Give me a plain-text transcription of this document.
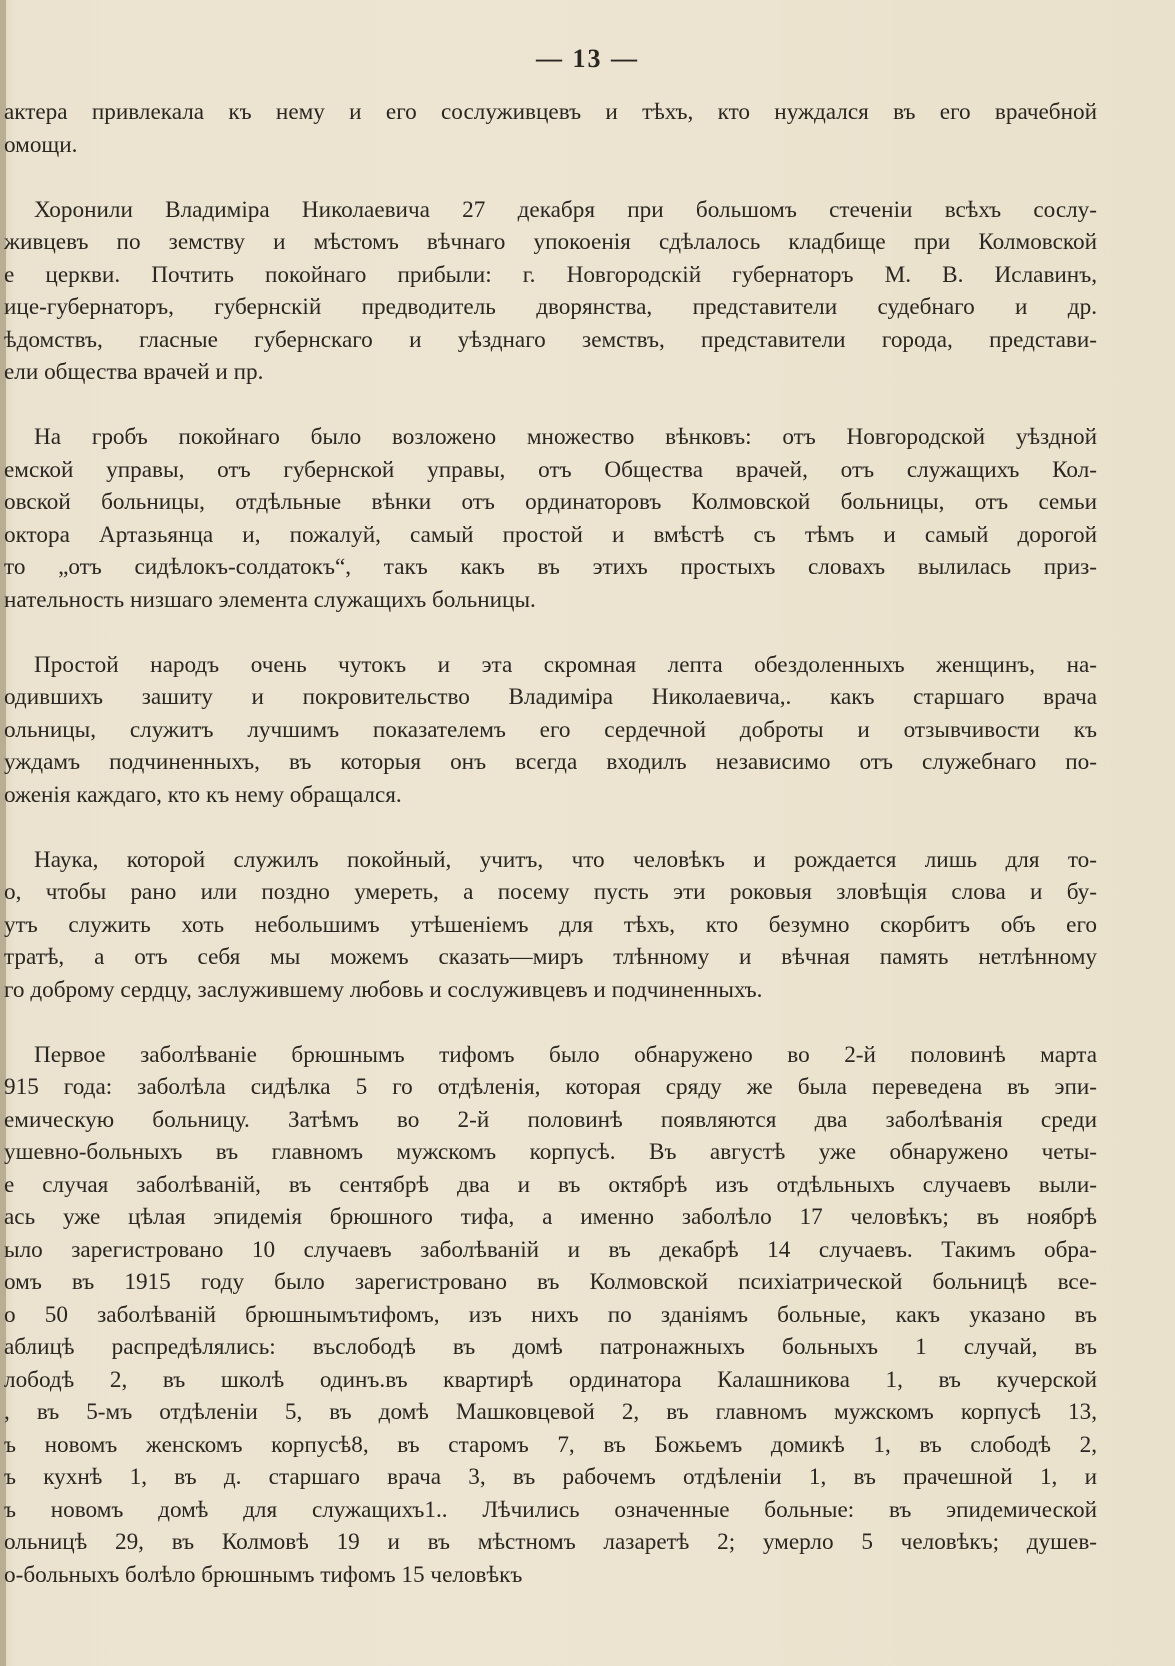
— 13 —
актера привлекала къ нему и его сослуживцевъ и тѣхъ, кто нуждался въ его врачебной
омощи.
Хоронили Владиміра Николаевича 27 декабря при большомъ стеченіи всѣхъ сослу-
живцевъ по земству и мѣстомъ вѣчнаго упокоенія сдѣлалось кладбище при Колмовской
е церкви. Почтить покойнаго прибыли: г. Новгородскій губернаторъ М. В. Иславинъ,
ице-губернаторъ, губернскій предводитель дворянства, представители судебнаго и др.
ѣдомствъ, гласные губернскаго и уѣзднаго земствъ, представители города, представи-
ели общества врачей и пр.
На гробъ покойнаго было возложено множество вѣнковъ: отъ Новгородской уѣздной
емской управы, отъ губернской управы, отъ Общества врачей, отъ служащихъ Кол-
овской больницы, отдѣльные вѣнки отъ ординаторовъ Колмовской больницы, отъ семьи
октора Артазьянца и, пожалуй, самый простой и вмѣстѣ съ тѣмъ и самый дорогой
то „отъ сидѣлокъ-солдатокъ“, такъ какъ въ этихъ простыхъ словахъ вылилась приз-
нательность низшаго элемента служащихъ больницы.
Простой народъ очень чутокъ и эта скромная лепта обездоленныхъ женщинъ, на-
одившихъ зашиту и покровительство Владиміра Николаевича,. какъ старшаго врача
ольницы, служитъ лучшимъ показателемъ его сердечной доброты и отзывчивости къ
уждамъ подчиненныхъ, въ которыя онъ всегда входилъ независимо отъ служебнаго по-
оженія каждаго, кто къ нему обращался.
Наука, которой служилъ покойный, учитъ, что человѣкъ и рождается лишь для то-
о, чтобы рано или поздно умереть, а посему пусть эти роковыя зловѣщія слова и бу-
утъ служить хоть небольшимъ утѣшеніемъ для тѣхъ, кто безумно скорбитъ объ его
тратѣ, а отъ себя мы можемъ сказать—миръ тлѣнному и вѣчная память нетлѣнному
го доброму сердцу, заслужившему любовь и сослуживцевъ и подчиненныхъ.
Первое заболѣваніе брюшнымъ тифомъ было обнаружено во 2-й половинѣ марта
915 года: заболѣла сидѣлка 5 го отдѣленія, которая сряду же была переведена въ эпи-
емическую больницу. Затѣмъ во 2-й половинѣ появляются два заболѣванія среди
ушевно-больныхъ въ главномъ мужскомъ корпусѣ. Въ августѣ уже обнаружено четы-
е случая заболѣваній, въ сентябрѣ два и въ октябрѣ изъ отдѣльныхъ случаевъ выли-
ась уже цѣлая эпидемія брюшного тифа, а именно заболѣло 17 человѣкъ; въ ноябрѣ
ыло зарегистровано 10 случаевъ заболѣваній и въ декабрѣ 14 случаевъ. Такимъ обра-
омъ въ 1915 году было зарегистровано въ Колмовской психіатрической больницѣ все-
о 50 заболѣваній брюшнымътифомъ, изъ нихъ по зданіямъ больные, какъ указано въ
аблицѣ распредѣлялись: въслободѣ въ домѣ патронажныхъ больныхъ 1 случай, въ
лободѣ 2, въ школѣ одинъ.въ квартирѣ ординатора Калашникова 1, въ кучерской
, въ 5-мъ отдѣленіи 5, въ домѣ Машковцевой 2, въ главномъ мужскомъ корпусѣ 13,
ъ новомъ женскомъ корпусѣ8, въ старомъ 7, въ Божьемъ домикѣ 1, въ слободѣ 2,
ъ кухнѣ 1, въ д. старшаго врача 3, въ рабочемъ отдѣленіи 1, въ прачешной 1, и
ъ новомъ домѣ для служащихъ1.. Лѣчились означенные больные: въ эпидемической
ольницѣ 29, въ Колмовѣ 19 и въ мѣстномъ лазаретѣ 2; умерло 5 человѣкъ; душев-
о-больныхъ болѣло брюшнымъ тифомъ 15 человѣкъ
